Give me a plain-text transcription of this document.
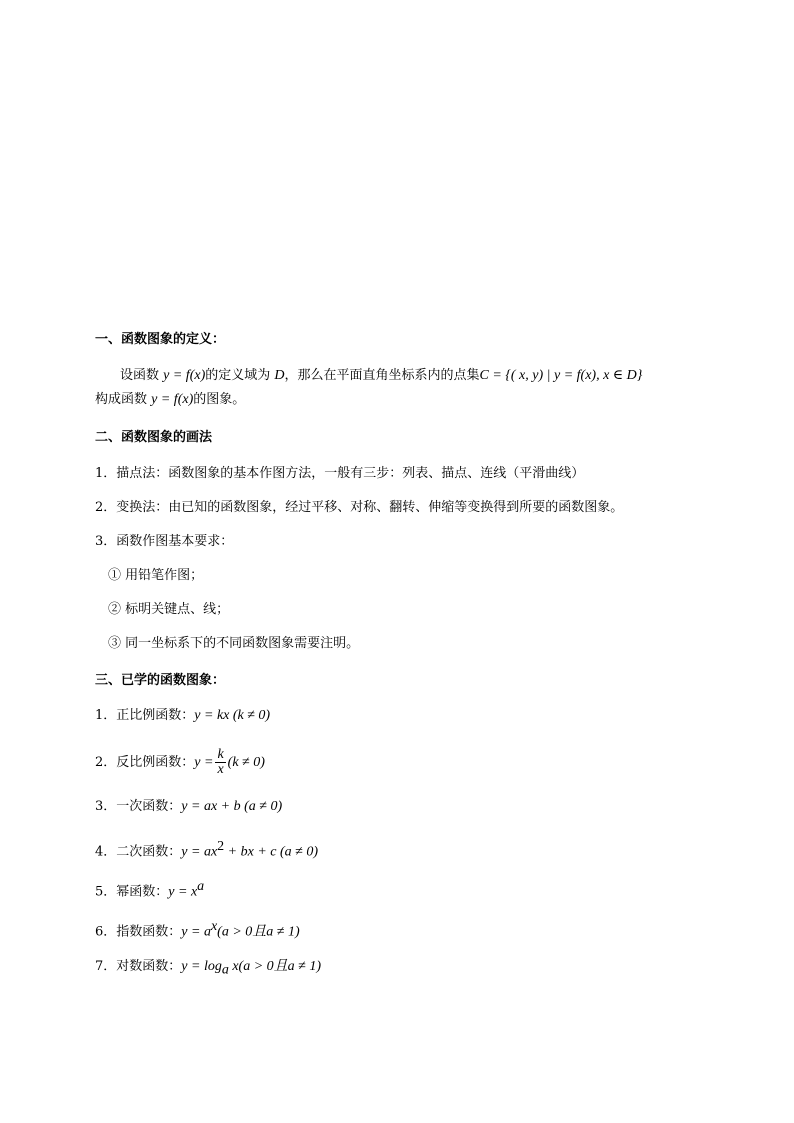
一、函数图象的定义：
设函数 y = f(x)的定义域为 D，那么在平面直角坐标系内的点集C = {( x, y) | y = f(x), x ∈ D}
构成函数 y = f(x)的图象。
二、函数图象的画法
1．描点法：函数图象的基本作图方法，一般有三步：列表、描点、连线（平滑曲线）
2．变换法：由已知的函数图象，经过平移、对称、翻转、伸缩等变换得到所要的函数图象。
3．函数作图基本要求：
① 用铅笔作图；
② 标明关键点、线；
③ 同一坐标系下的不同函数图象需要注明。
三、已学的函数图象：
1．正比例函数：y = kx (k ≠ 0)
2．反比例函数：$y = \frac{k}{x} (k \ne 0)$
3．一次函数：y = ax + b (a ≠ 0)
4．二次函数：$y = ax^2$ + bx + c (a ≠ 0)
5．幂函数：$y = x^a$
6．指数函数：$y = a^x(a > 0$且a ≠ 1)
7．对数函数：$y = \log_a x(a > 0$且a ≠ 1)
